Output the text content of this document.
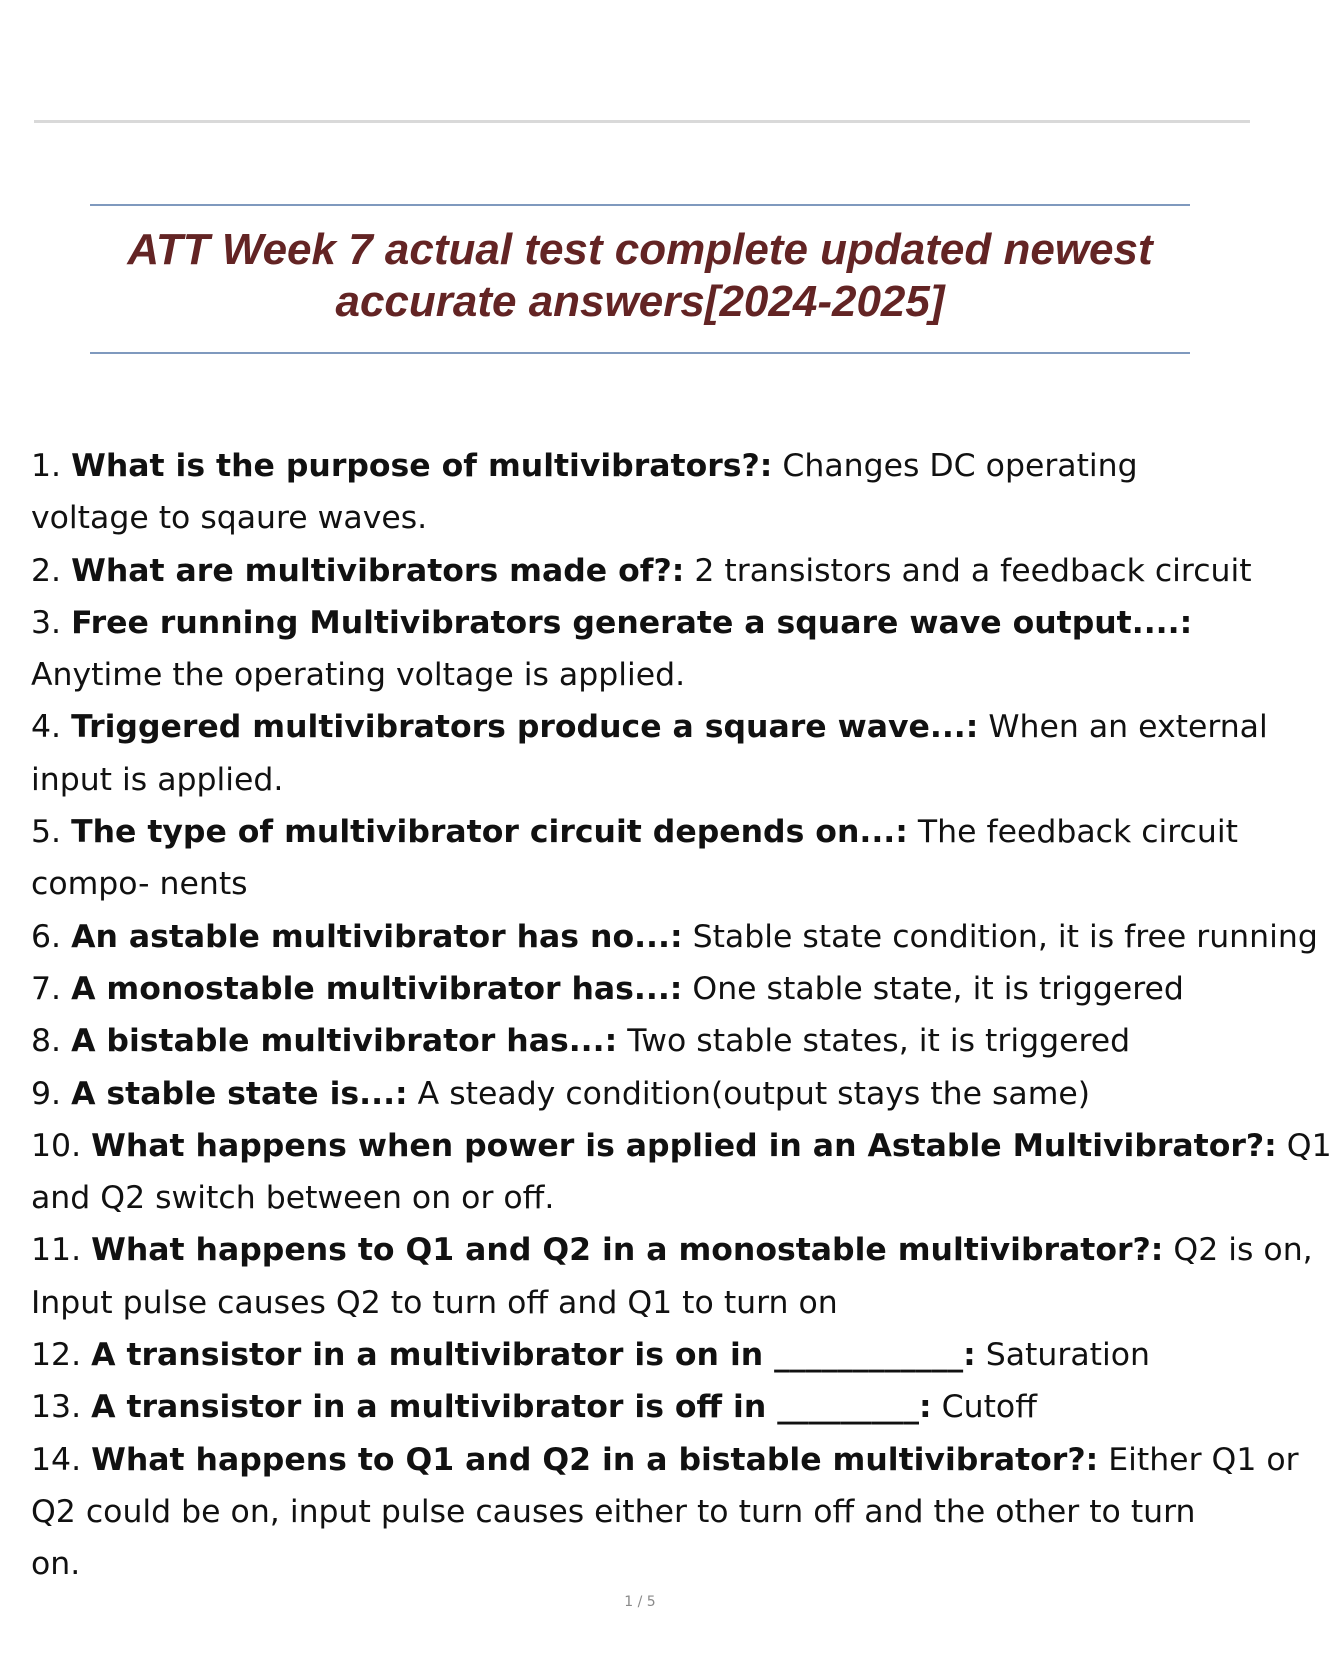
ATT Week 7 actual test complete updated newest
accurate answers[2024-2025]
1. What is the purpose of multivibrators?: Changes DC operating
voltage to sqaure waves.
2. What are multivibrators made of?: 2 transistors and a feedback circuit
3. Free running Multivibrators generate a square wave output....:
Anytime the operating voltage is applied.
4. Triggered multivibrators produce a square wave...: When an external
input is applied.
5. The type of multivibrator circuit depends on...: The feedback circuit
compo- nents
6. An astable multivibrator has no...: Stable state condition, it is free running
7. A monostable multivibrator has...: One stable state, it is triggered
8. A bistable multivibrator has...: Two stable states, it is triggered
9. A stable state is...: A steady condition(output stays the same)
10. What happens when power is applied in an Astable Multivibrator?: Q1
and Q2 switch between on or off.
11. What happens to Q1 and Q2 in a monostable multivibrator?: Q2 is on,
Input pulse causes Q2 to turn off and Q1 to turn on
12. A transistor in a multivibrator is on in ____________: Saturation
13. A transistor in a multivibrator is off in _________: Cutoff
14. What happens to Q1 and Q2 in a bistable multivibrator?: Either Q1 or
Q2 could be on, input pulse causes either to turn off and the other to turn
on.
1 / 5
